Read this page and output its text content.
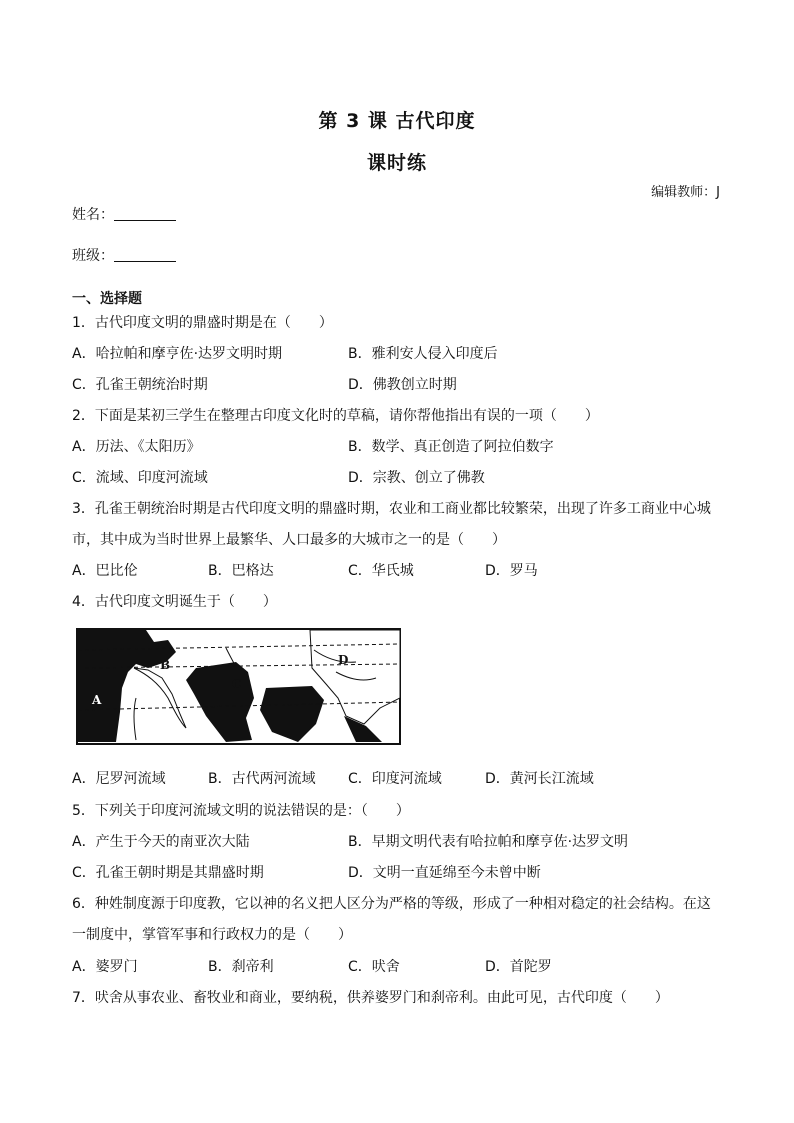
第 3 课 古代印度
课时练
编辑教师：J
姓名：
班级：
一、选择题
1．古代印度文明的鼎盛时期是在（　　）
A．哈拉帕和摩亨佐·达罗文明时期	B．雅利安人侵入印度后
C．孔雀王朝统治时期	D．佛教创立时期
2．下面是某初三学生在整理古印度文化时的草稿，请你帮他指出有误的一项（　　）
A．历法、《太阳历》	B．数学、真正创造了阿拉伯数字
C．流域、印度河流域	D．宗教、创立了佛教
3．孔雀王朝统治时期是古代印度文明的鼎盛时期，农业和工商业都比较繁荣，出现了许多工商业中心城
市，其中成为当时世界上最繁华、人口最多的大城市之一的是（　　）
A．巴比伦	B．巴格达	C．华氏城	D．罗马
4．古代印度文明诞生于（　　）
A
B
C
D
A．尼罗河流域	B．古代两河流域 C．印度河流域	D．黄河长江流域
5．下列关于印度河流域文明的说法错误的是：（　　）
A．产生于今天的南亚次大陆	B．早期文明代表有哈拉帕和摩亨佐·达罗文明
C．孔雀王朝时期是其鼎盛时期	D．文明一直延绵至今未曾中断
6．种姓制度源于印度教，它以神的名义把人区分为严格的等级，形成了一种相对稳定的社会结构。在这
一制度中，掌管军事和行政权力的是（　　）
A．婆罗门	B．刹帝利	C．吠舍	D．首陀罗
7．吠舍从事农业、畜牧业和商业，要纳税，供养婆罗门和刹帝利。由此可见，古代印度（　　）
